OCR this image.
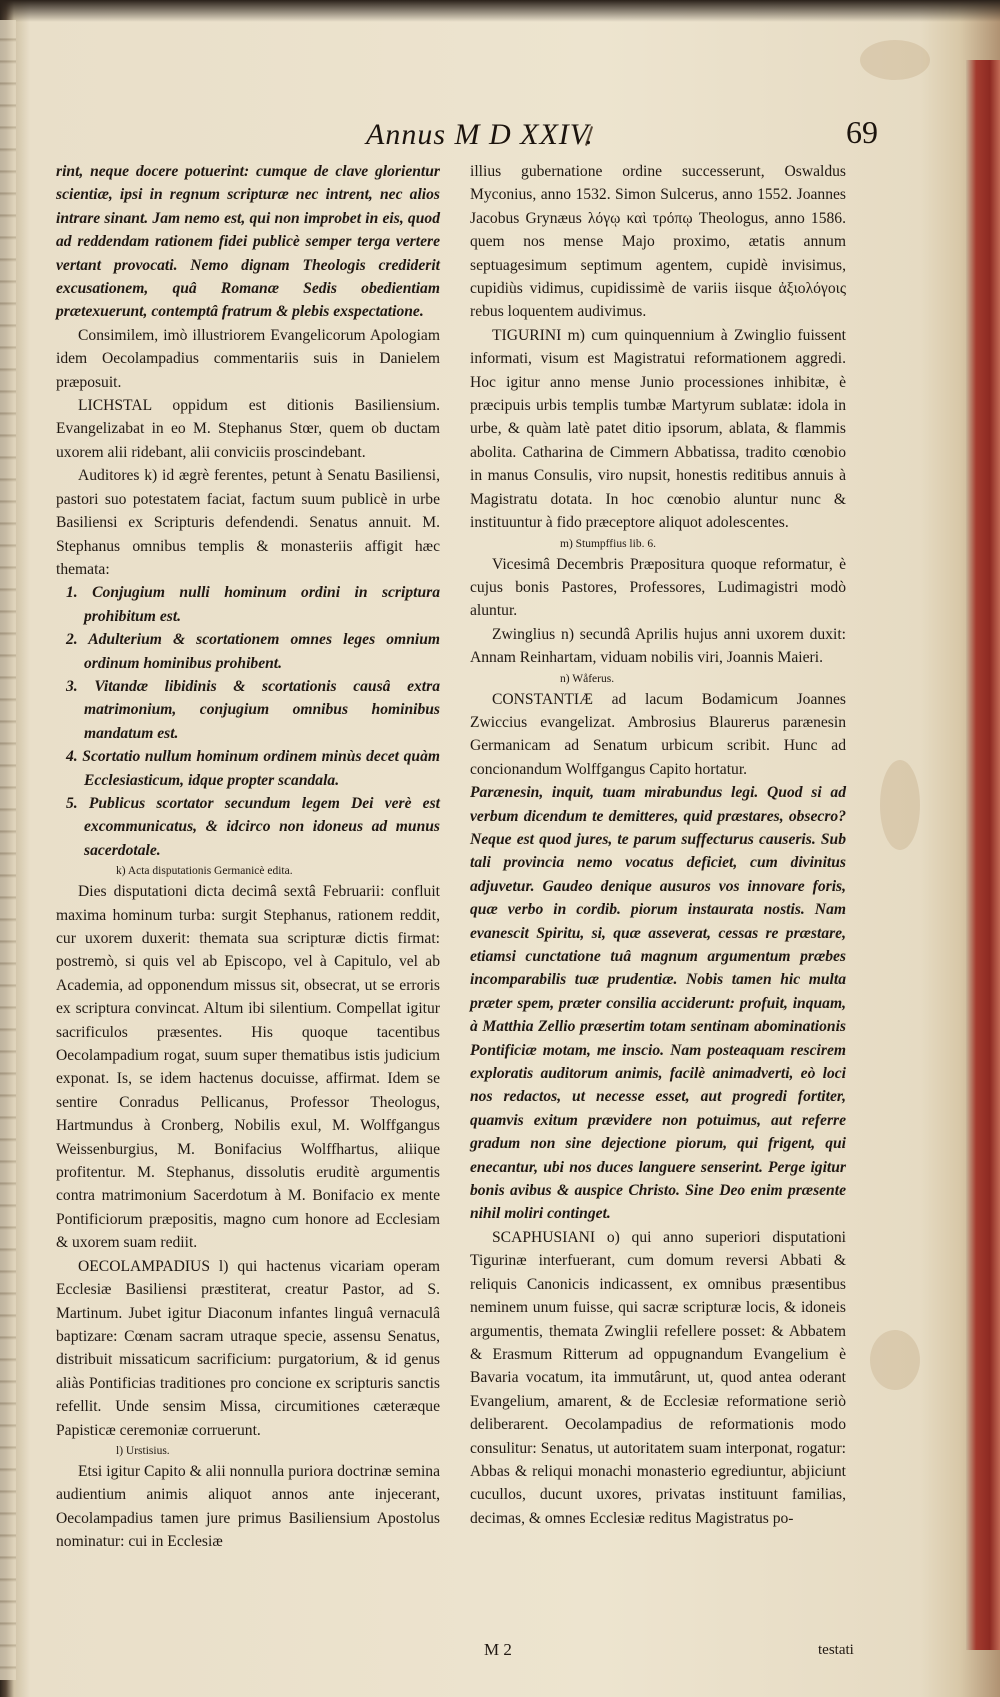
Annus M D XXIV.	69

rint, neque docere potuerint: cumque de clave glorientur scientiæ, ipsi in regnum scripturæ nec intrent, nec alios intrare sinant. Jam nemo est, qui non improbet in eis, quod ad reddendam rationem fidei publicè semper terga vertere vertant provocati. Nemo dignam Theologis crediderit excusationem, quâ Romanæ Sedis obedientiam prætexuerunt, contemptâ fratrum & plebis exspectatione.

Consimilem, imò illustriorem Evangelicorum Apologiam idem Oecolampadius commentariis suis in Danielem præposuit.

LICHSTAL oppidum est ditionis Basiliensium. Evangelizabat in eo M. Stephanus Stœr, quem ob ductam uxorem alii ridebant, alii conviciis proscindebant.

Auditores k) id ægrè ferentes, petunt à Senatu Basiliensi, pastori suo potestatem faciat, factum suum publicè in urbe Basiliensi ex Scripturis defendendi. Senatus annuit. M. Stephanus omnibus templis & monasteriis affigit hæc themata:

1. Conjugium nulli hominum ordini in scriptura prohibitum est.
2. Adulterium & scortationem omnes leges omnium ordinum hominibus prohibent.
3. Vitandæ libidinis & scortationis causâ extra matrimonium, conjugium omnibus hominibus mandatum est.
4. Scortatio nullum hominum ordinem minùs decet quàm Ecclesiasticum, idque propter scandala.
5. Publicus scortator secundum legem Dei verè est excommunicatus, & idcirco non idoneus ad munus sacerdotale.

k) Acta disputationis Germanicè edita.

Dies disputationi dicta decimâ sextâ Februarii: confluit maxima hominum turba: surgit Stephanus, rationem reddit, cur uxorem duxerit: themata sua scripturæ dictis firmat: postremò, si quis vel ab Episcopo, vel à Capitulo, vel ab Academia, ad opponendum missus sit, obsecrat, ut se erroris ex scriptura convincat. Altum ibi silentium. Compellat igitur sacrificulos præsentes. His quoque tacentibus Oecolampadium rogat, suum super thematibus istis judicium exponat. Is, se idem hactenus docuisse, affirmat. Idem se sentire Conradus Pellicanus, Professor Theologus, Hartmundus à Cronberg, Nobilis exul, M. Wolffgangus Weissenburgius, M. Bonifacius Wolffhartus, aliique profitentur. M. Stephanus, dissolutis eruditè argumentis contra matrimonium Sacerdotum à M. Bonifacio ex mente Pontificiorum præpositis, magno cum honore ad Ecclesiam & uxorem suam rediit.

OECOLAMPADIUS l) qui hactenus vicariam operam Ecclesiæ Basiliensi præstiterat, creatur Pastor, ad S. Martinum. Jubet igitur Diaconum infantes linguâ vernaculâ baptizare: Cœnam sacram utraque specie, assensu Senatus, distribuit missaticum sacrificium: purgatorium, & id genus aliàs Pontificias traditiones pro concione ex scripturis sanctis refellit. Unde sensim Missa, circumitiones cæteræque Papisticæ ceremoniæ corruerunt.

l) Urstisius.

Etsi igitur Capito & alii nonnulla puriora doctrinæ semina audientium animis aliquot annos ante injecerant, Oecolampadius tamen jure primus Basiliensium Apostolus nominatur: cui in Ecclesiæ

illius gubernatione ordine successerunt, Oswaldus Myconius, anno 1532. Simon Sulcerus, anno 1552. Joannes Jacobus Grynæus λόγῳ καὶ τρόπῳ Theologus, anno 1586. quem nos mense Majo proximo, ætatis annum septuagesimum septimum agentem, cupidè invisimus, cupidiùs vidimus, cupidissimè de variis iisque ἀξιολόγοις rebus loquentem audivimus.

TIGURINI m) cum quinquennium à Zwinglio fuissent informati, visum est Magistratui reformationem aggredi. Hoc igitur anno mense Junio processiones inhibitæ, è præcipuis urbis templis tumbæ Martyrum sublatæ: idola in urbe, & quàm latè patet ditio ipsorum, ablata, & flammis abolita. Catharina de Cimmern Abbatissa, tradito cœnobio in manus Consulis, viro nupsit, honestis reditibus annuis à Magistratu dotata. In hoc cœnobio aluntur nunc & instituuntur à fido præceptore aliquot adolescentes.

m) Stumpffius lib. 6.

Vicesimâ Decembris Præpositura quoque reformatur, è cujus bonis Pastores, Professores, Ludimagistri modò aluntur.

Zwinglius n) secundâ Aprilis hujus anni uxorem duxit: Annam Reinhartam, viduam nobilis viri, Joannis Maieri.

n) Wåferus.

CONSTANTIÆ ad lacum Bodamicum Joannes Zwiccius evangelizat. Ambrosius Blaurerus parænesin Germanicam ad Senatum urbicum scribit. Hunc ad concionandum Wolffgangus Capito hortatur.

Parænesin, inquit, tuam mirabundus legi. Quod si ad verbum dicendum te demitteres, quid præstares, obsecro? Neque est quod jures, te parum suffecturus causeris. Sub tali provincia nemo vocatus deficiet, cum divinitus adjuvetur. Gaudeo denique ausuros vos innovare foris, quæ verbo in cordib. piorum instaurata nostis. Nam evanescit Spiritu, si, quæ asseverat, cessas re præstare, etiamsi cunctatione tuâ magnum argumentum præbes incomparabilis tuæ prudentiæ. Nobis tamen hic multa præter spem, præter consilia acciderunt: profuit, inquam, à Matthia Zellio præsertim totam sentinam abominationis Pontificiæ motam, me inscio. Nam posteaquam rescirem exploratis auditorum animis, facilè animadverti, eò loci nos redactos, ut necesse esset, aut progredi fortiter, quamvis exitum prævidere non potuimus, aut referre gradum non sine dejectione piorum, qui frigent, qui enecantur, ubi nos duces languere senserint. Perge igitur bonis avibus & auspice Christo. Sine Deo enim præsente nihil moliri continget.

SCAPHUSIANI o) qui anno superiori disputationi Tigurinæ interfuerant, cum domum reversi Abbati & reliquis Canonicis indicassent, ex omnibus præsentibus neminem unum fuisse, qui sacræ scripturæ locis, & idoneis argumentis, themata Zwinglii refellere posset: & Abbatem & Erasmum Ritterum ad oppugnandum Evangelium è Bavaria vocatum, ita immutârunt, ut, quod antea oderant Evangelium, amarent, & de Ecclesiæ reformatione seriò deliberarent. Oecolampadius de reformationis modo consulitur: Senatus, ut autoritatem suam interponat, rogatur: Abbas & reliqui monachi monasterio egrediuntur, abjiciunt cucullos, ducunt uxores, privatas instituunt familias, decimas, & omnes Ecclesiæ reditus Magistratus po-

M 2	testati
